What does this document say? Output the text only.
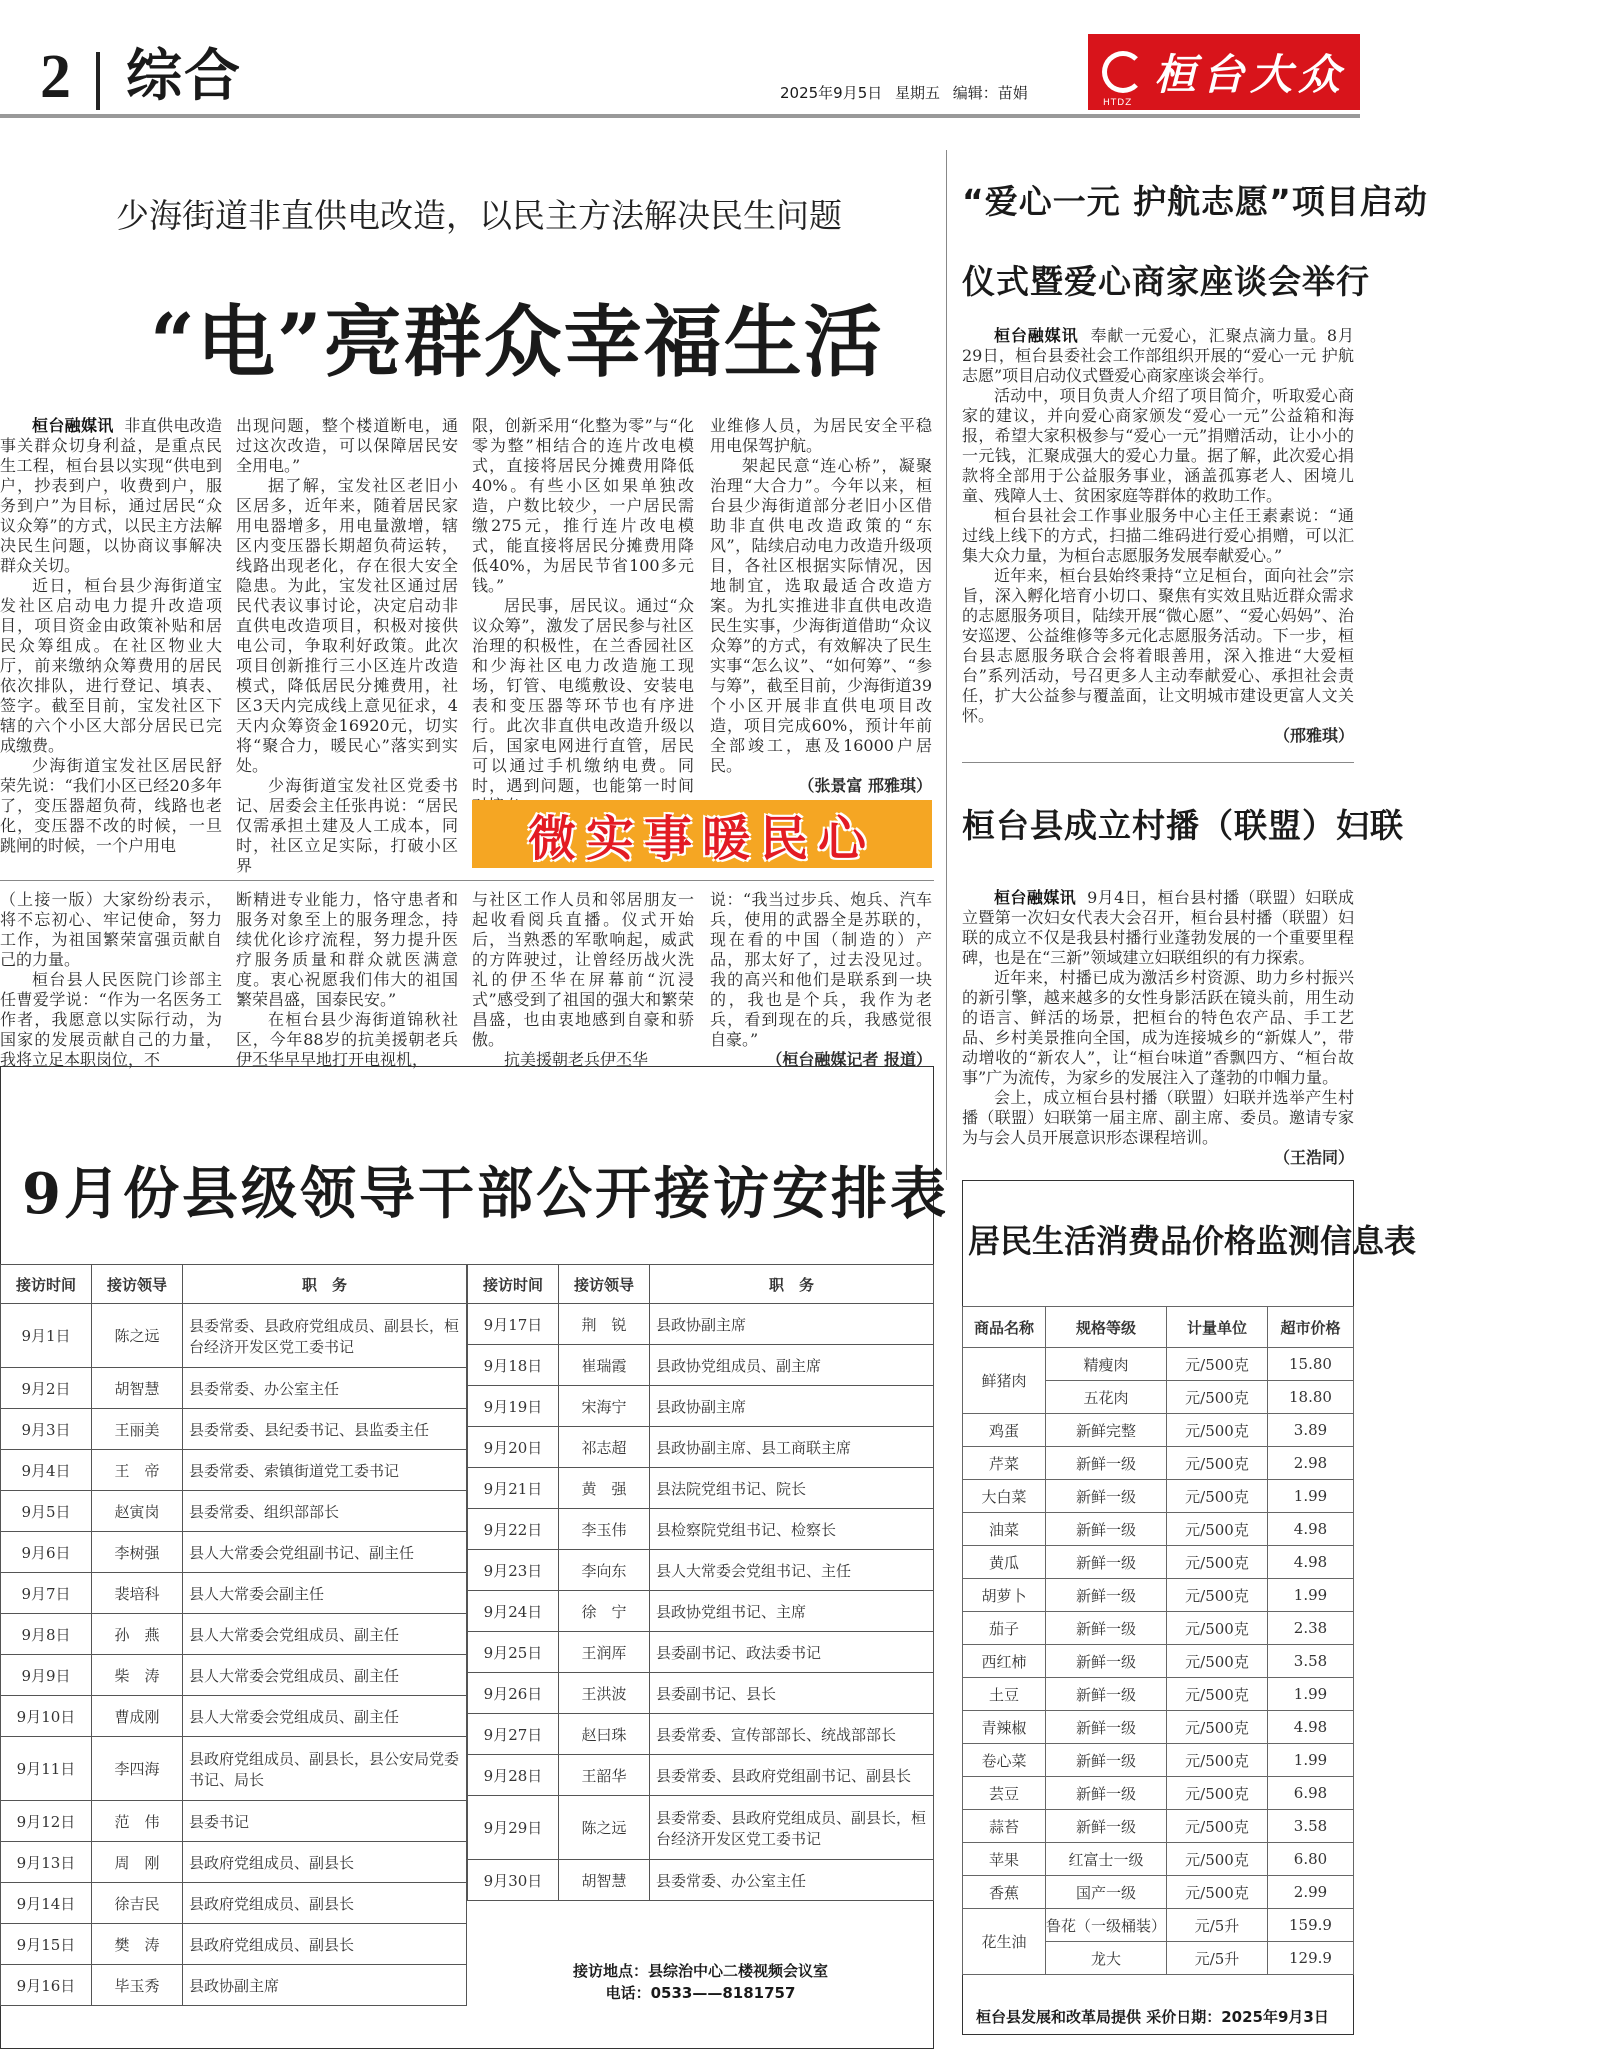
2 综合	2025年9月5日 星期五 编辑：苗娟
HTDZ
桓台大众
少海街道非直供电改造，以民主方法解决民生问题
“电”亮群众幸福生活

桓台融媒讯 非直供电改造事关群众切身利益，是重点民生工程，桓台县以实现“供电到户，抄表到户，收费到户，服务到户”为目标，通过居民“众议众筹”的方式，以民主方法解决民生问题，以协商议事解决群众关切。

近日，桓台县少海街道宝发社区启动电力提升改造项目，项目资金由政策补贴和居民众筹组成。在社区物业大厅，前来缴纳众筹费用的居民依次排队，进行登记、填表、签字。截至目前，宝发社区下辖的六个小区大部分居民已完成缴费。

少海街道宝发社区居民舒荣先说：“我们小区已经20多年了，变压器超负荷，线路也老化，变压器不改的时候，一旦跳闸的时候，一个户用电

出现问题，整个楼道断电，通过这次改造，可以保障居民安全用电。”

据了解，宝发社区老旧小区居多，近年来，随着居民家用电器增多，用电量激增，辖区内变压器长期超负荷运转，线路出现老化，存在很大安全隐患。为此，宝发社区通过居民代表议事讨论，决定启动非直供电改造项目，积极对接供电公司，争取利好政策。此次项目创新推行三小区连片改造模式，降低居民分摊费用，社区3天内完成线上意见征求，4天内众筹资金16920元，切实将“聚合力，暖民心”落实到实处。

少海街道宝发社区党委书记、居委会主任张冉说：“居民仅需承担土建及人工成本，同时，社区立足实际，打破小区界

限，创新采用“化整为零”与“化零为整”相结合的连片改电模式，直接将居民分摊费用降低40%。有些小区如果单独改造，户数比较少，一户居民需缴275元，推行连片改电模式，能直接将居民分摊费用降低40%，为居民节省100多元钱。”

居民事，居民议。通过“众议众筹”，激发了居民参与社区治理的积极性，在兰香园社区和少海社区电力改造施工现场，钉管、电缆敷设、安装电表和变压器等环节也有序进行。此次非直供电改造升级以后，国家电网进行直管，居民可以通过手机缴纳电费。同时，遇到问题，也能第一时间

业维修人员，为居民安全平稳用电保驾护航。

架起民意“连心桥”，凝聚治理“大合力”。今年以来，桓台县少海街道部分老旧小区借助非直供电改造政策的“东风”，陆续启动电力改造升级项目，各社区根据实际情况，因地制宜，选取最适合改造方案。为扎实推进非直供电改造民生实事，少海街道借助“众议众筹”的方式，有效解决了民生实事“怎么议”、“如何筹”、“参与筹”，截至目前，少海街道39个小区开展非直供电项目改造，项目完成60%，预计年前全部竣工，惠及16000户居民。

（张景富 邢雅琪）

微实事暖民心

（上接一版）大家纷纷表示，将不忘初心、牢记使命，努力工作，为祖国繁荣富强贡献自己的力量。

桓台县人民医院门诊部主任曹爱学说：“作为一名医务工作者，我愿意以实际行动，为国家的发展贡献自己的力量，我将立足本职岗位，不

断精进专业能力，恪守患者和服务对象至上的服务理念，持续优化诊疗流程，努力提升医疗服务质量和群众就医满意度。衷心祝愿我们伟大的祖国繁荣昌盛，国泰民安。”

在桓台县少海街道锦秋社区，今年88岁的抗美援朝老兵伊丕华早早地打开电视机，

与社区工作人员和邻居朋友一起收看阅兵直播。仪式开始后，当熟悉的军歌响起，威武的方阵驶过，让曾经历战火洗礼的伊丕华在屏幕前“沉浸式”感受到了祖国的强大和繁荣昌盛，也由衷地感到自豪和骄傲。

抗美援朝老兵伊丕华

说：“我当过步兵、炮兵、汽车兵，使用的武器全是苏联的，现在看的中国（制造的）产品，那太好了，过去没见过。我的高兴和他们是联系到一块的，我也是个兵，我作为老兵，看到现在的兵，我感觉很自豪。”

（桓台融媒记者 报道）

“爱心一元 护航志愿”项目启动
仪式暨爱心商家座谈会举行

桓台融媒讯 奉献一元爱心，汇聚点滴力量。8月29日，桓台县委社会工作部组织开展的“爱心一元 护航志愿”项目启动仪式暨爱心商家座谈会举行。

活动中，项目负责人介绍了项目简介，听取爱心商家的建议，并向爱心商家颁发“爱心一元”公益箱和海报，希望大家积极参与“爱心一元”捐赠活动，让小小的一元钱，汇聚成强大的爱心力量。据了解，此次爱心捐款将全部用于公益服务事业，涵盖孤寡老人、困境儿童、残障人士、贫困家庭等群体的救助工作。

桓台县社会工作事业服务中心主任王素素说：“通过线上线下的方式，扫描二维码进行爱心捐赠，可以汇集大众力量，为桓台志愿服务发展奉献爱心。”

近年来，桓台县始终秉持“立足桓台，面向社会”宗旨，深入孵化培育小切口、聚焦有实效且贴近群众需求的志愿服务项目，陆续开展“微心愿”、“爱心妈妈”、治安巡逻、公益维修等多元化志愿服务活动。下一步，桓台县志愿服务联合会将着眼善用，深入推进“大爱桓台”系列活动，号召更多人主动奉献爱心、承担社会责任，扩大公益参与覆盖面，让文明城市建设更富人文关怀。

（邢雅琪）

桓台县成立村播（联盟）妇联

桓台融媒讯 9月4日，桓台县村播（联盟）妇联成立暨第一次妇女代表大会召开，桓台县村播（联盟）妇联的成立不仅是我县村播行业蓬勃发展的一个重要里程碑，也是在“三新”领域建立妇联组织的有力探索。

近年来，村播已成为激活乡村资源、助力乡村振兴的新引擎，越来越多的女性身影活跃在镜头前，用生动的语言、鲜活的场景，把桓台的特色农产品、手工艺品、乡村美景推向全国，成为连接城乡的“新媒人”，带动增收的“新农人”，让“桓台味道”香飘四方、“桓台故事”广为流传，为家乡的发展注入了蓬勃的巾帼力量。

会上，成立桓台县村播（联盟）妇联并选举产生村播（联盟）妇联第一届主席、副主席、委员。邀请专家为与会人员开展意识形态课程培训。

（王浩同）

9月份县级领导干部公开接访安排表
接访时间	接访领导	职　务
9月1日	陈之远	县委常委、县政府党组成员、副县长，桓台经济开发区党工委书记
9月2日	胡智慧	县委常委、办公室主任
9月3日	王丽美	县委常委、县纪委书记、县监委主任
9月4日	王　帝	县委常委、索镇街道党工委书记
9月5日	赵寅岗	县委常委、组织部部长
9月6日	李树强	县人大常委会党组副书记、副主任
9月7日	裴培科	县人大常委会副主任
9月8日	孙　燕	县人大常委会党组成员、副主任
9月9日	柴　涛	县人大常委会党组成员、副主任
9月10日	曹成刚	县人大常委会党组成员、副主任
9月11日	李四海	县政府党组成员、副县长，县公安局党委书记、局长
9月12日	范　伟	县委书记
9月13日	周　刚	县政府党组成员、副县长
9月14日	徐吉民	县政府党组成员、副县长
9月15日	樊　涛	县政府党组成员、副县长
9月16日	毕玉秀	县政协副主席
接访时间	接访领导	职　务
9月17日	荆　锐	县政协副主席
9月18日	崔瑞霞	县政协党组成员、副主席
9月19日	宋海宁	县政协副主席
9月20日	祁志超	县政协副主席、县工商联主席
9月21日	黄　强	县法院党组书记、院长
9月22日	李玉伟	县检察院党组书记、检察长
9月23日	李向东	县人大常委会党组书记、主任
9月24日	徐　宁	县政协党组书记、主席
9月25日	王润厍	县委副书记、政法委书记
9月26日	王洪波	县委副书记、县长
9月27日	赵曰珠	县委常委、宣传部部长、统战部部长
9月28日	王韶华	县委常委、县政府党组副书记、副县长
9月29日	陈之远	县委常委、县政府党组成员、副县长，桓台经济开发区党工委书记
9月30日	胡智慧	县委常委、办公室主任
接访地点：县综治中心二楼视频会议室
电话：0533——8181757
居民生活消费品价格监测信息表
商品名称	规格等级	计量单位	超市价格
鲜猪肉	精瘦肉	元/500克	15.80
	五花肉	元/500克	18.80
鸡蛋	新鲜完整	元/500克	3.89
芹菜	新鲜一级	元/500克	2.98
大白菜	新鲜一级	元/500克	1.99
油菜	新鲜一级	元/500克	4.98
黄瓜	新鲜一级	元/500克	4.98
胡萝卜	新鲜一级	元/500克	1.99
茄子	新鲜一级	元/500克	2.38
西红柿	新鲜一级	元/500克	3.58
土豆	新鲜一级	元/500克	1.99
青辣椒	新鲜一级	元/500克	4.98
卷心菜	新鲜一级	元/500克	1.99
芸豆	新鲜一级	元/500克	6.98
蒜苔	新鲜一级	元/500克	3.58
苹果	红富士一级	元/500克	6.80
香蕉	国产一级	元/500克	2.99
花生油	鲁花（一级桶装）	元/5升	159.9
	龙大	元/5升	129.9
桓台县发展和改革局提供 采价日期：2025年9月3日
